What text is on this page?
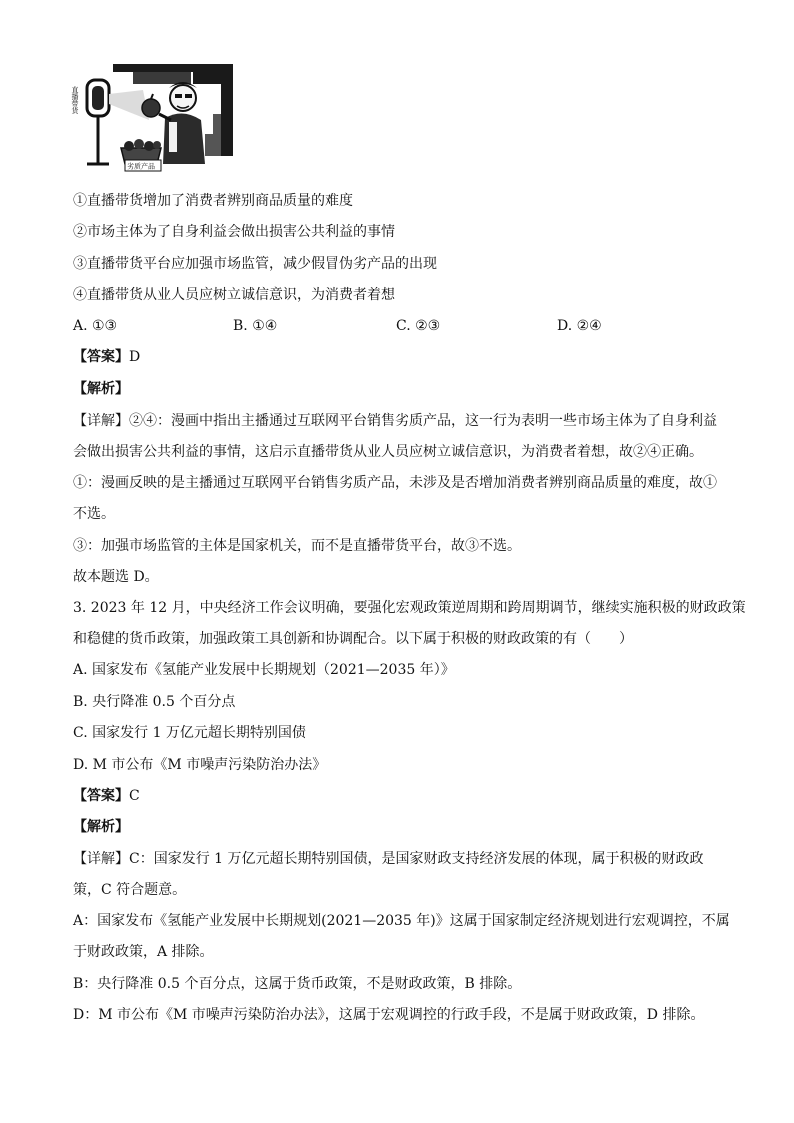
直播带货
劣质产品
①直播带货增加了消费者辨别商品质量的难度
②市场主体为了自身利益会做出损害公共利益的事情
③直播带货平台应加强市场监管，减少假冒伪劣产品的出现
④直播带货从业人员应树立诚信意识，为消费者着想
A. ①③	B. ①④	C. ②③	D. ②④
【答案】D
【解析】
【详解】②④：漫画中指出主播通过互联网平台销售劣质产品，这一行为表明一些市场主体为了自身利益
会做出损害公共利益的事情，这启示直播带货从业人员应树立诚信意识，为消费者着想，故②④正确。
①：漫画反映的是主播通过互联网平台销售劣质产品，未涉及是否增加消费者辨别商品质量的难度，故①
不选。
③：加强市场监管的主体是国家机关，而不是直播带货平台，故③不选。
故本题选 D。
3. 2023 年 12 月，中央经济工作会议明确，要强化宏观政策逆周期和跨周期调节，继续实施积极的财政政策
和稳健的货币政策，加强政策工具创新和协调配合。以下属于积极的财政政策的有（　　）
A. 国家发布《氢能产业发展中长期规划（2021—2035 年）》
B. 央行降准 0.5 个百分点
C. 国家发行 1 万亿元超长期特别国债
D. M 市公布《M 市噪声污染防治办法》
【答案】C
【解析】
【详解】C：国家发行 1 万亿元超长期特别国债，是国家财政支持经济发展的体现，属于积极的财政政
策，C 符合题意。
A：国家发布《氢能产业发展中长期规划(2021—2035 年)》这属于国家制定经济规划进行宏观调控，不属
于财政政策，A 排除。
B：央行降准 0.5 个百分点，这属于货币政策，不是财政政策，B 排除。
D：M 市公布《M 市噪声污染防治办法》，这属于宏观调控的行政手段，不是属于财政政策，D 排除。
